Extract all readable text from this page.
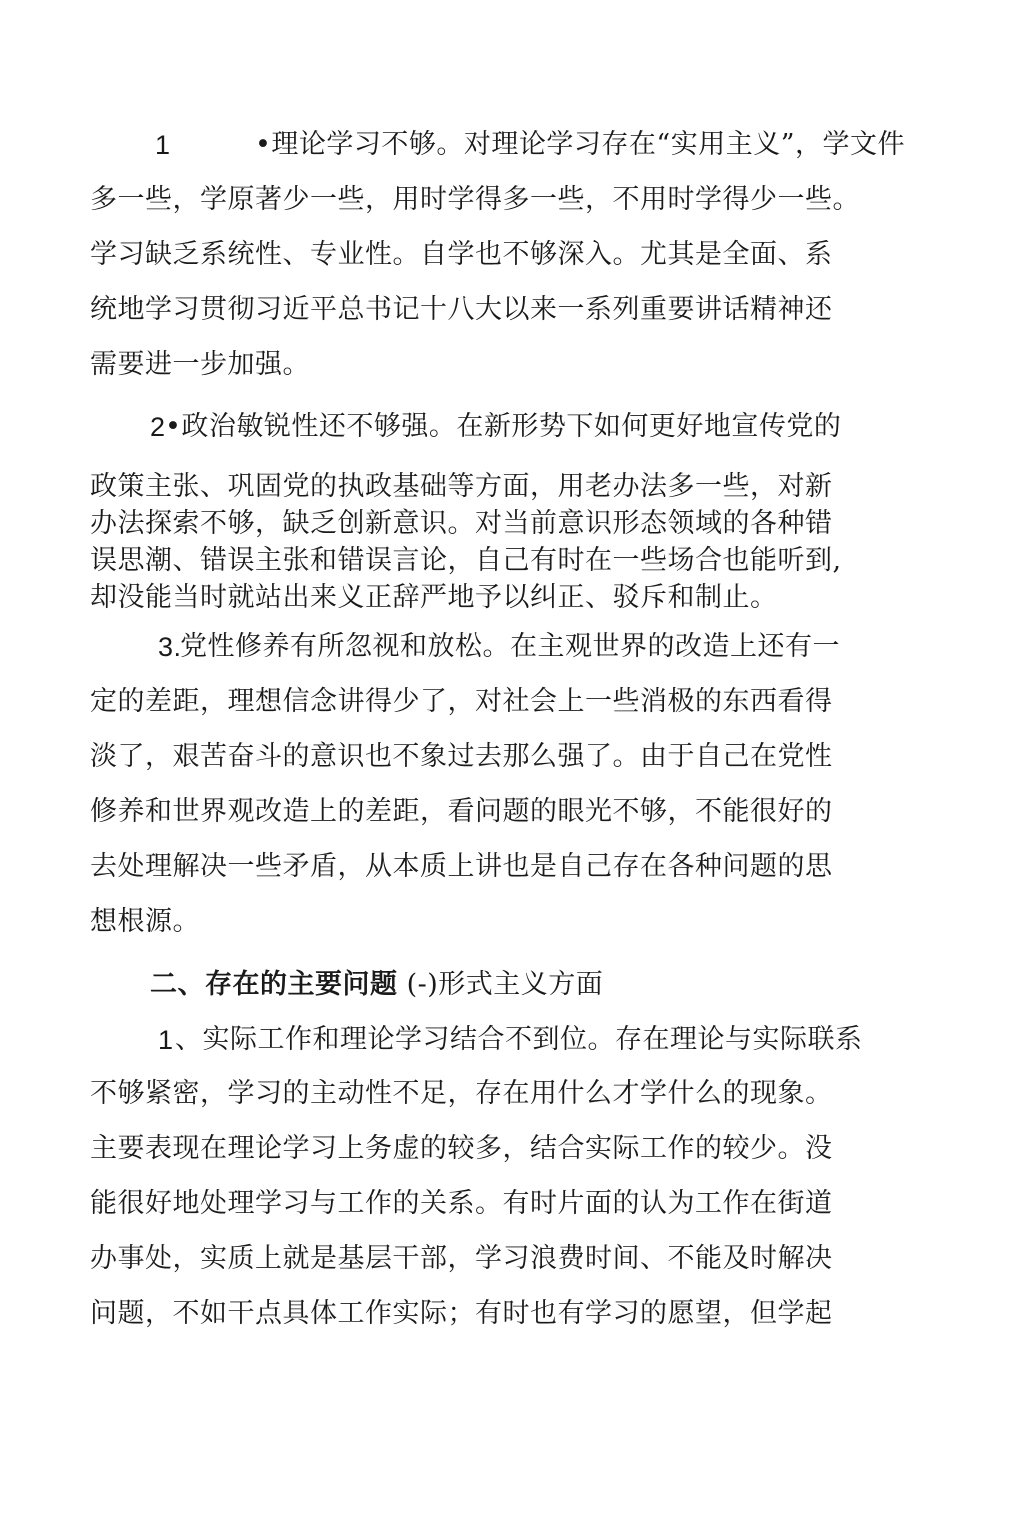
1	•理论学习不够。对理论学习存在“实用主义”，学文件
多一些，学原著少一些，用时学得多一些，不用时学得少一些。
学习缺乏系统性、专业性。自学也不够深入。尤其是全面、系
统地学习贯彻习近平总书记十八大以来一系列重要讲话精神还
需要进一步加强。
2 •政治敏锐性还不够强。在新形势下如何更好地宣传党的
政策主张、巩固党的执政基础等方面，用老办法多一些，对新
办法探索不够，缺乏创新意识。对当前意识形态领域的各种错
误思潮、错误主张和错误言论，自己有时在一些场合也能听到,
却没能当时就站出来义正辞严地予以纠正、驳斥和制止。
3.
党性修养有所忽视和放松。在主观世界的改造上还有一
定的差距，理想信念讲得少了，对社会上一些消极的东西看得
淡了，艰苦奋斗的意识也不象过去那么强了。由于自己在党性
修养和世界观改造上的差距，看问题的眼光不够，不能很好的
去处理解决一些矛盾，从本质上讲也是自己存在各种问题的思
想根源。
二、存在的主要问题 (-)形式主义方面
1 、实际工作和理论学习结合不到位。存在理论与实际联系
不够紧密，学习的主动性不足，存在用什么才学什么的现象。
主要表现在理论学习上务虚的较多，结合实际工作的较少。没
能很好地处理学习与工作的关系。有时片面的认为工作在街道
办事处，实质上就是基层干部，学习浪费时间、不能及时解决
问题，不如干点具体工作实际；有时也有学习的愿望，但学起
